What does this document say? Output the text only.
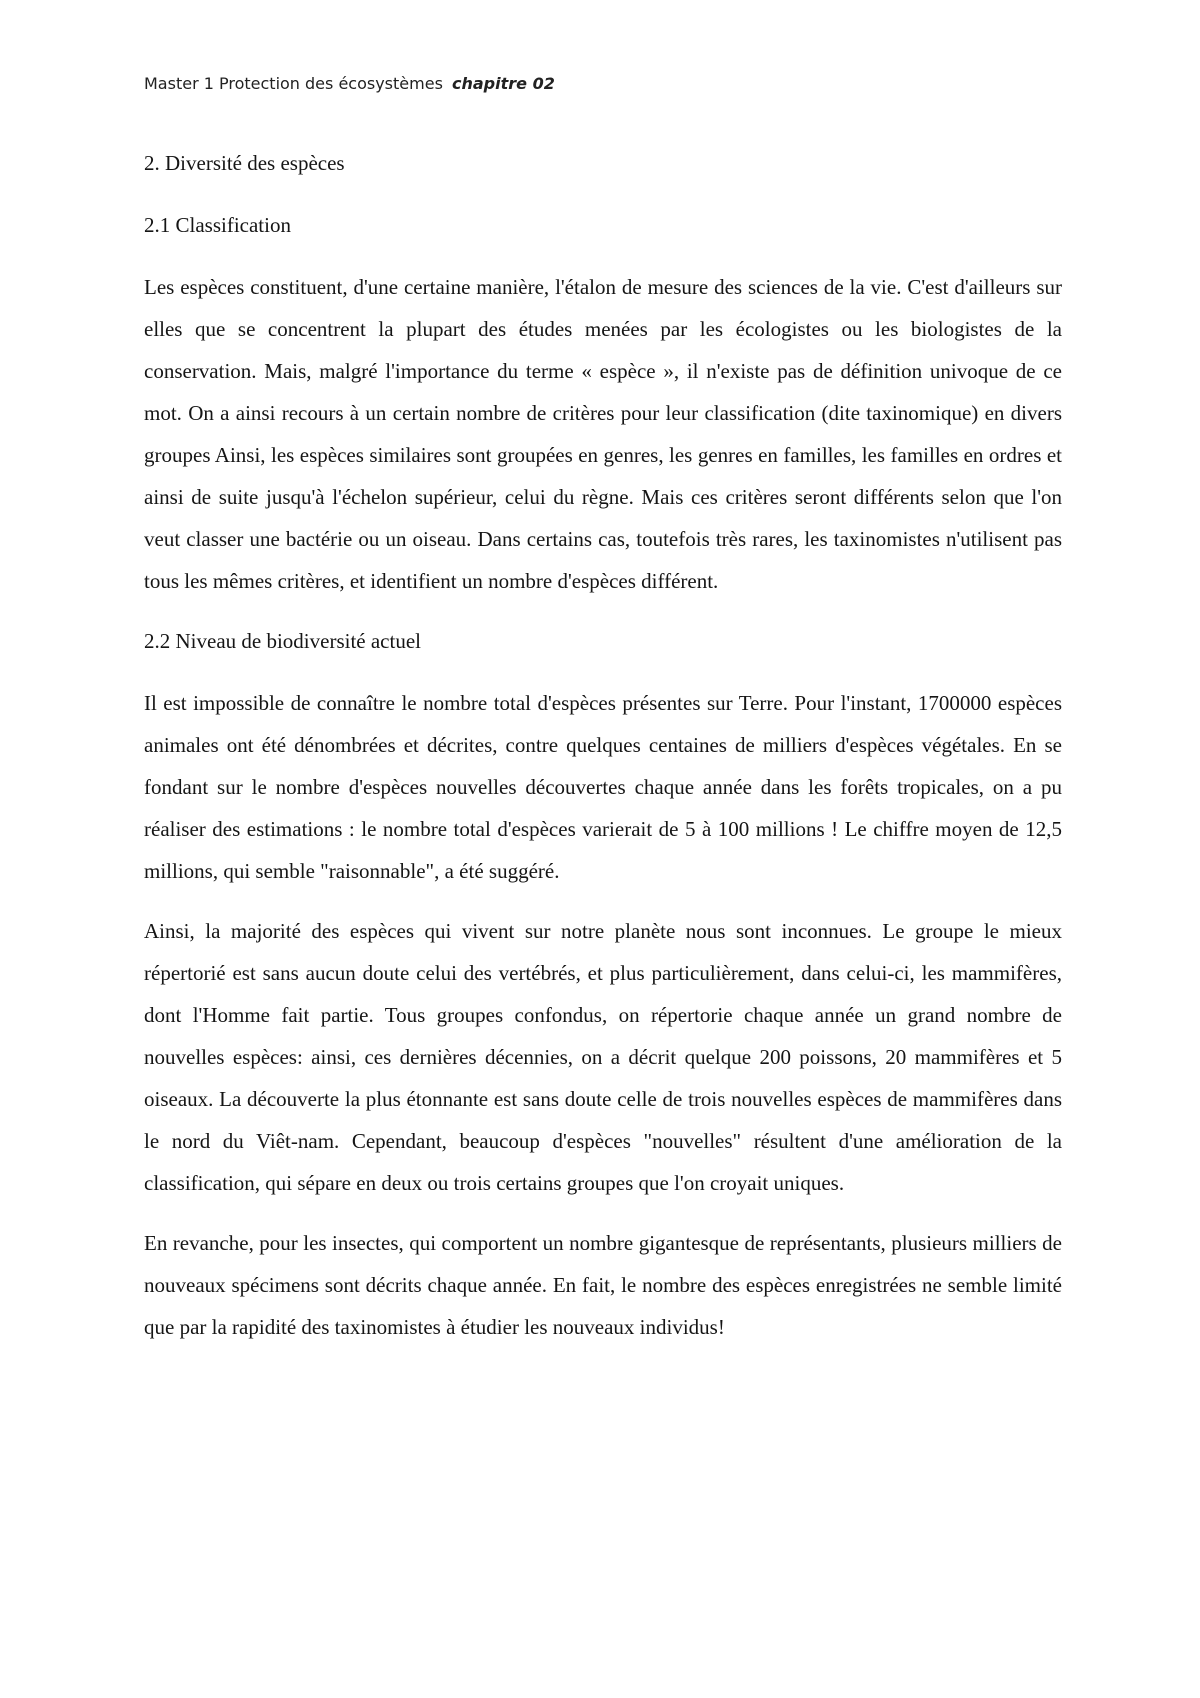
Master 1 Protection des écosystèmes chapitre 02
2. Diversité des espèces
2.1 Classification

Les espèces constituent, d'une certaine manière, l'étalon de mesure des sciences de la vie. C'est d'ailleurs sur elles que se concentrent la plupart des études menées par les écologistes ou les biologistes de la conservation. Mais, malgré l'importance du terme « espèce », il n'existe pas de définition univoque de ce mot. On a ainsi recours à un certain nombre de critères pour leur classification (dite taxinomique) en divers groupes Ainsi, les espèces similaires sont groupées en genres, les genres en familles, les familles en ordres et ainsi de suite jusqu'à l'échelon supérieur, celui du règne. Mais ces critères seront différents selon que l'on veut classer une bactérie ou un oiseau. Dans certains cas, toutefois très rares, les taxinomistes n'utilisent pas tous les mêmes critères, et identifient un nombre d'espèces différent.

2.2 Niveau de biodiversité actuel

Il est impossible de connaître le nombre total d'espèces présentes sur Terre. Pour l'instant, 1700000 espèces animales ont été dénombrées et décrites, contre quelques centaines de milliers d'espèces végétales. En se fondant sur le nombre d'espèces nouvelles découvertes chaque année dans les forêts tropicales, on a pu réaliser des estimations : le nombre total d'espèces varierait de 5 à 100 millions ! Le chiffre moyen de 12,5 millions, qui semble "raisonnable", a été suggéré.

Ainsi, la majorité des espèces qui vivent sur notre planète nous sont inconnues. Le groupe le mieux répertorié est sans aucun doute celui des vertébrés, et plus particulièrement, dans celui-ci, les mammifères, dont l'Homme fait partie. Tous groupes confondus, on répertorie chaque année un grand nombre de nouvelles espèces: ainsi, ces dernières décennies, on a décrit quelque 200 poissons, 20 mammifères et 5 oiseaux. La découverte la plus étonnante est sans doute celle de trois nouvelles espèces de mammifères dans le nord du Viêt-nam. Cependant, beaucoup d'espèces "nouvelles" résultent d'une amélioration de la classification, qui sépare en deux ou trois certains groupes que l'on croyait uniques.

En revanche, pour les insectes, qui comportent un nombre gigantesque de représentants, plusieurs milliers de nouveaux spécimens sont décrits chaque année. En fait, le nombre des espèces enregistrées ne semble limité que par la rapidité des taxinomistes à étudier les nouveaux individus!
